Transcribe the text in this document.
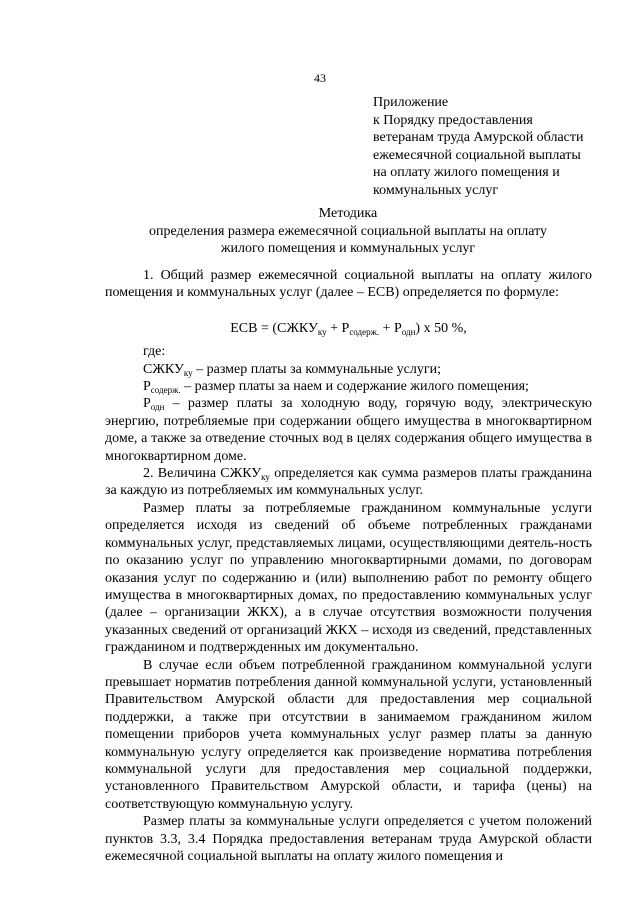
43
Приложение
к Порядку предоставления
ветеранам труда Амурской области
ежемесячной социальной выплаты
на оплату жилого помещения и
коммунальных услуг
Методика
определения размера ежемесячной социальной выплаты на оплату
жилого помещения и коммунальных услуг

1. Общий размер ежемесячной социальной выплаты на оплату жилого помещения и коммунальных услуг (далее – ЕСВ) определяется по формуле:

ЕСВ = $(СЖКУ_{ку} + Р_{содерж.} + Р_{одн})$ х 50 %,

где:

$СЖКУ_{ку}$ – размер платы за коммунальные услуги;

$Р_{содерж.}$ – размер платы за наем и содержание жилого помещения;

$Р_{одн}$ – размер платы за холодную воду, горячую воду, электрическую энергию, потребляемые при содержании общего имущества в многоквартирном доме, а также за отведение сточных вод в целях содержания общего имущества в многоквартирном доме.

2. Величина $СЖКУ_{ку}$ определяется как сумма размеров платы гражданина за каждую из потребляемых им коммунальных услуг.

Размер платы за потребляемые гражданином коммунальные услуги определяется исходя из сведений об объеме потребленных гражданами коммунальных услуг, представляемых лицами, осуществляющими деятель-ность по оказанию услуг по управлению многоквартирными домами, по договорам оказания услуг по содержанию и (или) выполнению работ по ремонту общего имущества в многоквартирных домах, по предоставлению коммунальных услуг (далее – организации ЖКХ), а в случае отсутствия возможности получения указанных сведений от организаций ЖКХ – исходя из сведений, представленных гражданином и подтвержденных им документально.

В случае если объем потребленной гражданином коммунальной услуги превышает норматив потребления данной коммунальной услуги, установленный Правительством Амурской области для предоставления мер социальной поддержки, а также при отсутствии в занимаемом гражданином жилом помещении приборов учета коммунальных услуг размер платы за данную коммунальную услугу определяется как произведение норматива потребления коммунальной услуги для предоставления мер социальной поддержки, установленного Правительством Амурской области, и тарифа (цены) на соответствующую коммунальную услугу.

Размер платы за коммунальные услуги определяется с учетом положений пунктов 3.3, 3.4 Порядка предоставления ветеранам труда Амурской области ежемесячной социальной выплаты на оплату жилого помещения и
